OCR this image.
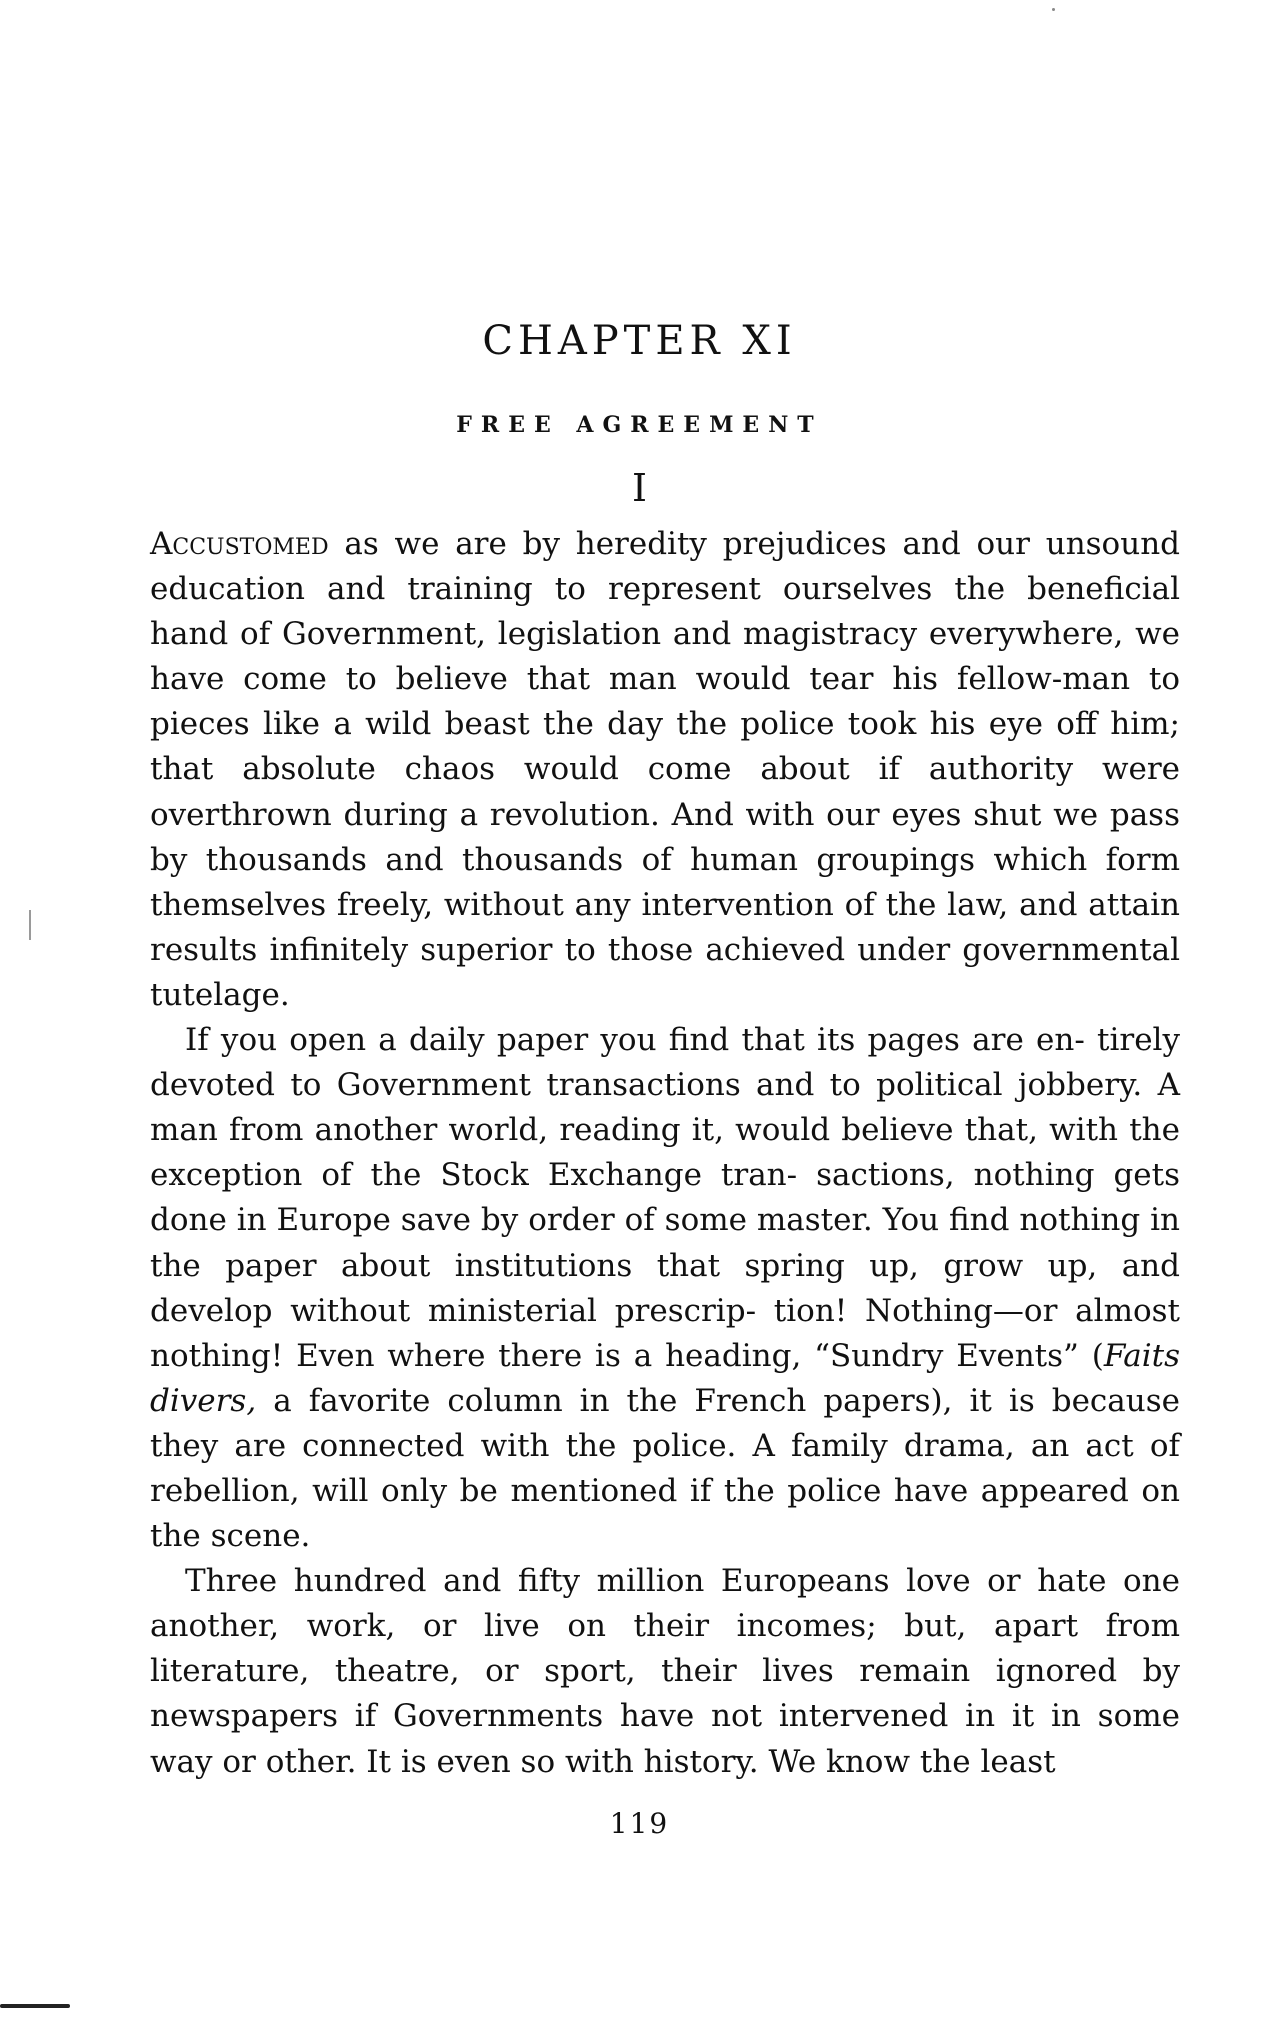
CHAPTER XI
FREE AGREEMENT
I

Accustomed as we are by heredity prejudices and our unsound education and training to represent ourselves the beneficial hand of Government, legislation and magistracy everywhere, we have come to believe that man would tear his fellow-man to pieces like a wild beast the day the police took his eye off him; that absolute chaos would come about if authority were overthrown during a revolution. And with our eyes shut we pass by thousands and thousands of human groupings which form themselves freely, without any intervention of the law, and attain results infinitely superior to those achieved under governmental tutelage.

If you open a daily paper you find that its pages are en- tirely devoted to Government transactions and to political jobbery. A man from another world, reading it, would believe that, with the exception of the Stock Exchange tran- sactions, nothing gets done in Europe save by order of some master. You find nothing in the paper about institutions that spring up, grow up, and develop without ministerial prescrip- tion! Nothing—or almost nothing! Even where there is a heading, “Sundry Events” (Faits divers, a favorite column in the French papers), it is because they are connected with the police. A family drama, an act of rebellion, will only be mentioned if the police have appeared on the scene.

Three hundred and fifty million Europeans love or hate one another, work, or live on their incomes; but, apart from literature, theatre, or sport, their lives remain ignored by newspapers if Governments have not intervened in it in some way or other. It is even so with history. We know the least

119
